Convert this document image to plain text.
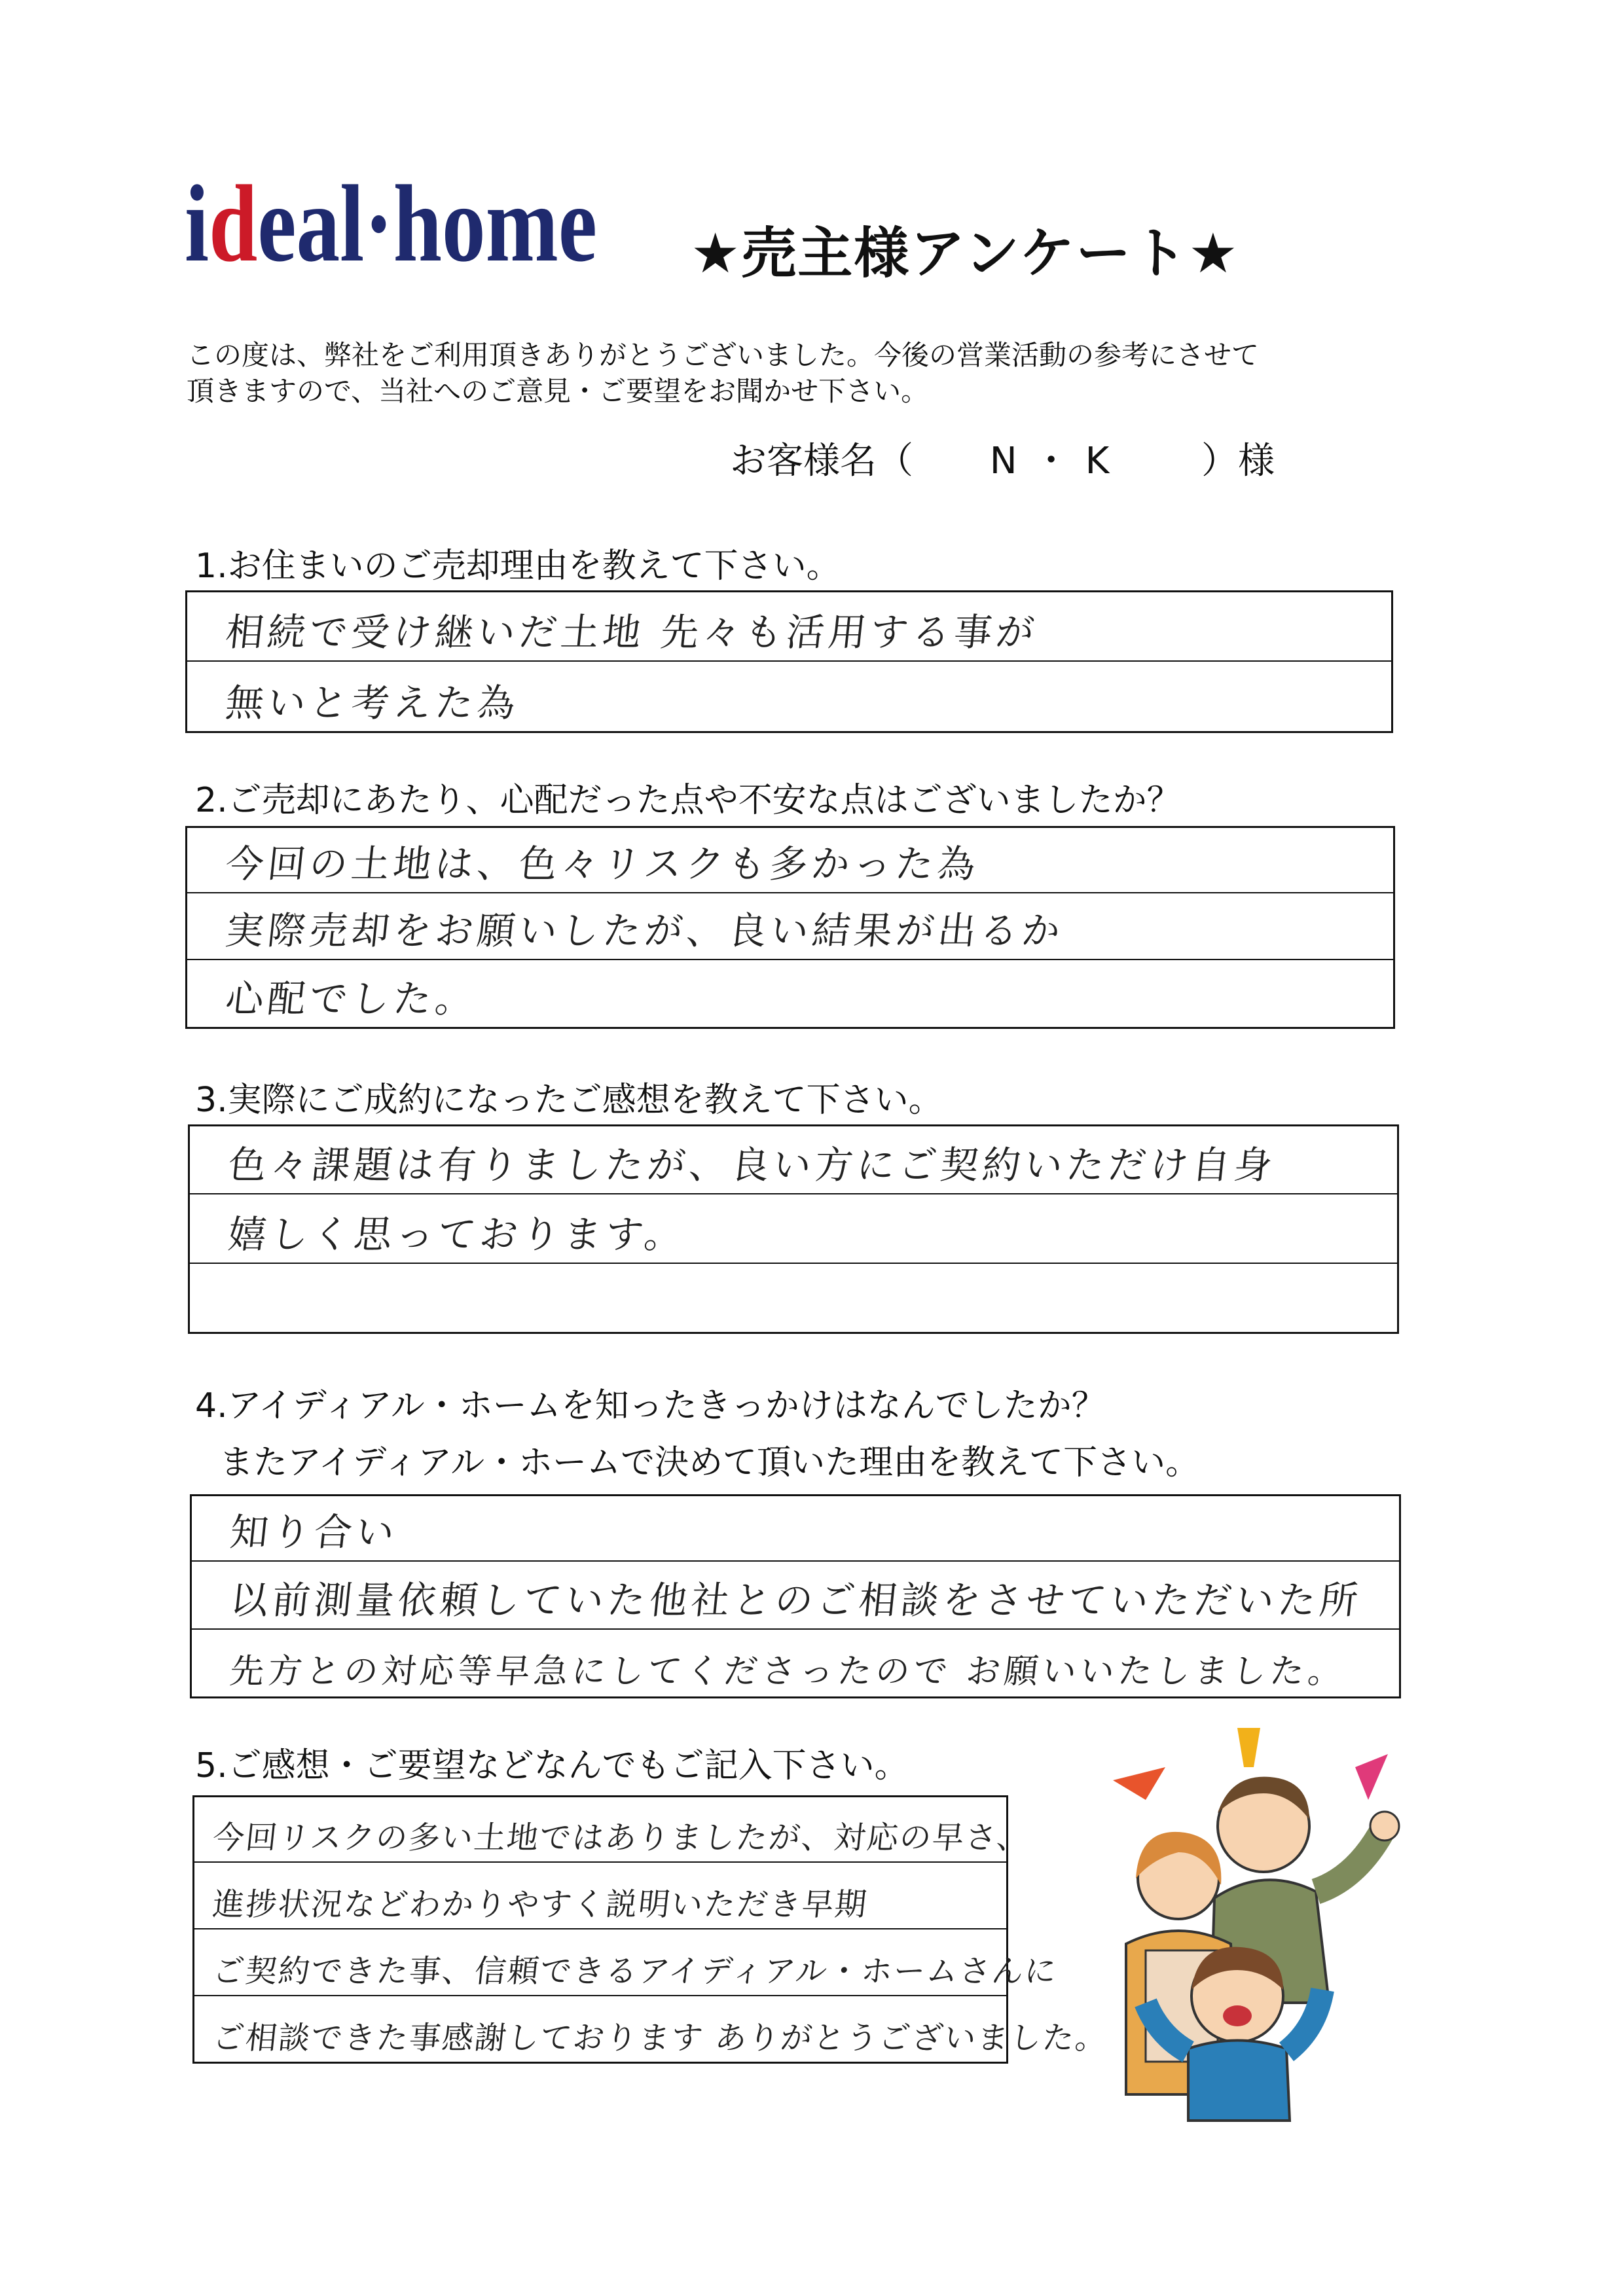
ideal·home ★売主様アンケート★
この度は、弊社をご利用頂きありがとうございました。今後の営業活動の参考にさせて
頂きますので、当社へのご意見・ご要望をお聞かせ下さい。
お客様名（ N・K ）様
1.お住まいのご売却理由を教えて下さい。
相続で受け継いだ土地 先々も活用する事が
無いと考えた為
2.ご売却にあたり、心配だった点や不安な点はございましたか？
今回の土地は、色々リスクも多かった為
実際売却をお願いしたが、良い結果が出るか
心配でした。
3.実際にご成約になったご感想を教えて下さい。
色々課題は有りましたが、良い方にご契約いただけ自身
嬉しく思っております。
4.アイディアル・ホームを知ったきっかけはなんでしたか？
またアイディアル・ホームで決めて頂いた理由を教えて下さい。
知り合い
以前測量依頼していた他社とのご相談をさせていただいた所
先方との対応等早急にしてくださったので お願いいたしました。
5.ご感想・ご要望などなんでもご記入下さい。
今回リスクの多い土地ではありましたが、対応の早さ、
進捗状況などわかりやすく説明いただき早期
ご契約できた事、信頼できるアイディアル・ホームさんに
ご相談できた事感謝しております ありがとうございました。
